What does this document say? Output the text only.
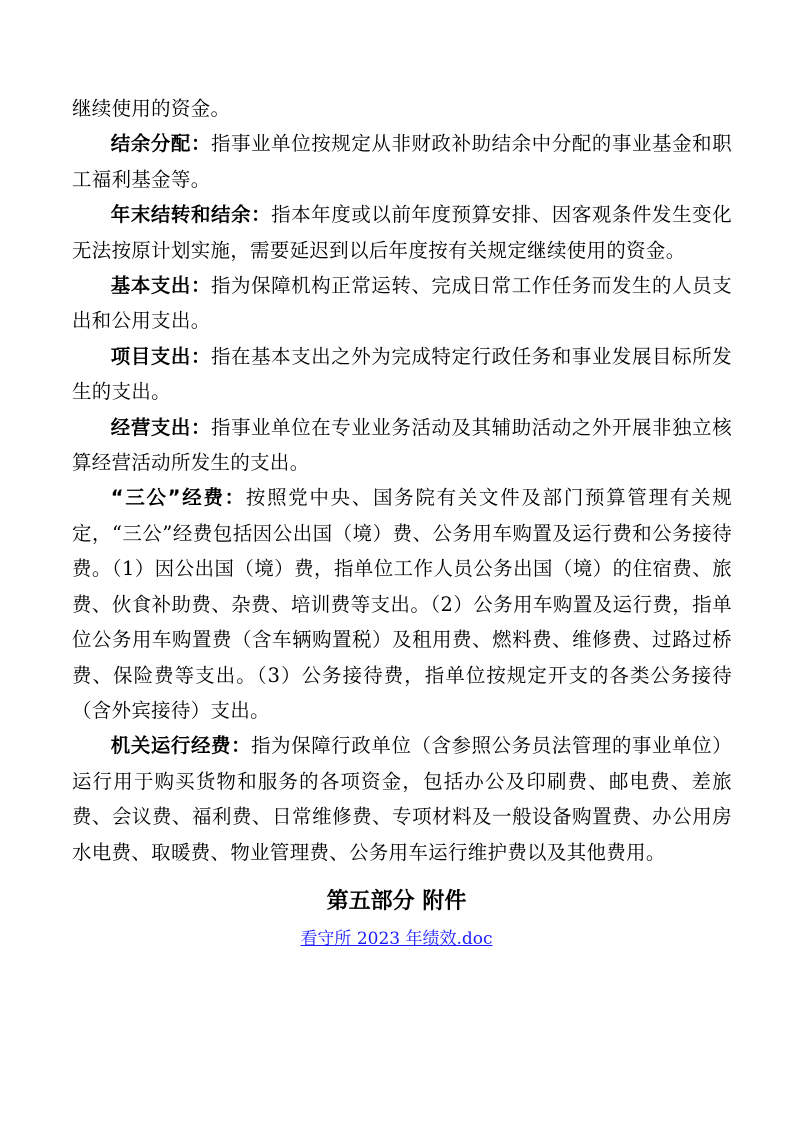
继续使用的资金。

结余分配：指事业单位按规定从非财政补助结余中分配的事业基金和职工福利基金等。

年末结转和结余：指本年度或以前年度预算安排、因客观条件发生变化无法按原计划实施，需要延迟到以后年度按有关规定继续使用的资金。

基本支出：指为保障机构正常运转、完成日常工作任务而发生的人员支出和公用支出。

项目支出：指在基本支出之外为完成特定行政任务和事业发展目标所发生的支出。

经营支出：指事业单位在专业业务活动及其辅助活动之外开展非独立核算经营活动所发生的支出。

“三公”经费：按照党中央、国务院有关文件及部门预算管理有关规定，“三公”经费包括因公出国（境）费、公务用车购置及运行费和公务接待费。（1）因公出国（境）费，指单位工作人员公务出国（境）的住宿费、旅费、伙食补助费、杂费、培训费等支出。（2）公务用车购置及运行费，指单位公务用车购置费（含车辆购置税）及租用费、燃料费、维修费、过路过桥费、保险费等支出。（3）公务接待费，指单位按规定开支的各类公务接待（含外宾接待）支出。

机关运行经费：指为保障行政单位（含参照公务员法管理的事业单位）运行用于购买货物和服务的各项资金，包括办公及印刷费、邮电费、差旅费、会议费、福利费、日常维修费、专项材料及一般设备购置费、办公用房水电费、取暖费、物业管理费、公务用车运行维护费以及其他费用。

第五部分 附件
看守所 2023 年绩效.doc
